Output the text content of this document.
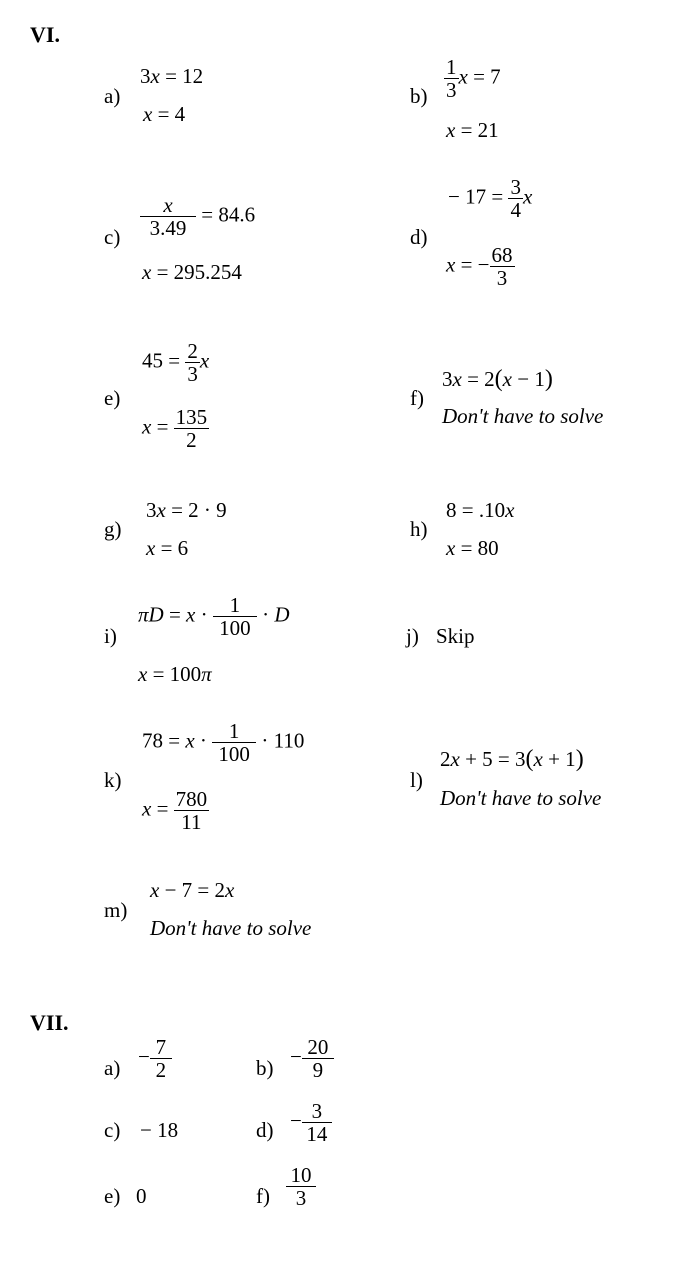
VI.
a)
3x = 12
x = 4
$b) \frac{1}{3}$ x = 7
x = 21
$c) \frac{x}{3.49} = 84.6$
x = 295.254
d)
− $17 = \frac{3}{4}$ x
x = − $\frac{68}{3}$
e)
$45 = \frac{2}{3}$ x
$x = \frac{135}{2}$
f)
3x = 2(x − 1)
Don't have to solve
g)
3x = 2 · 9
x = 6
h)
8 = .10x
x = 80
i)
$\pi D = x \cdot \frac{1}{100} \cdot D$
x = 100π
j) Skip
k)
$78 = x \cdot \frac{1}{100} \cdot 110$
$x = \frac{780}{11}$
l)
2x + 5 = 3(x + 1)
Don't have to solve
m)
x − 7 = 2x
Don't have to solve
VII.
$a) - \frac{7}{2}$	$b) - \frac{20}{9}$
c) − 18	$d) - \frac{3}{14}$
e) 0	$f) \frac{10}{3}$
